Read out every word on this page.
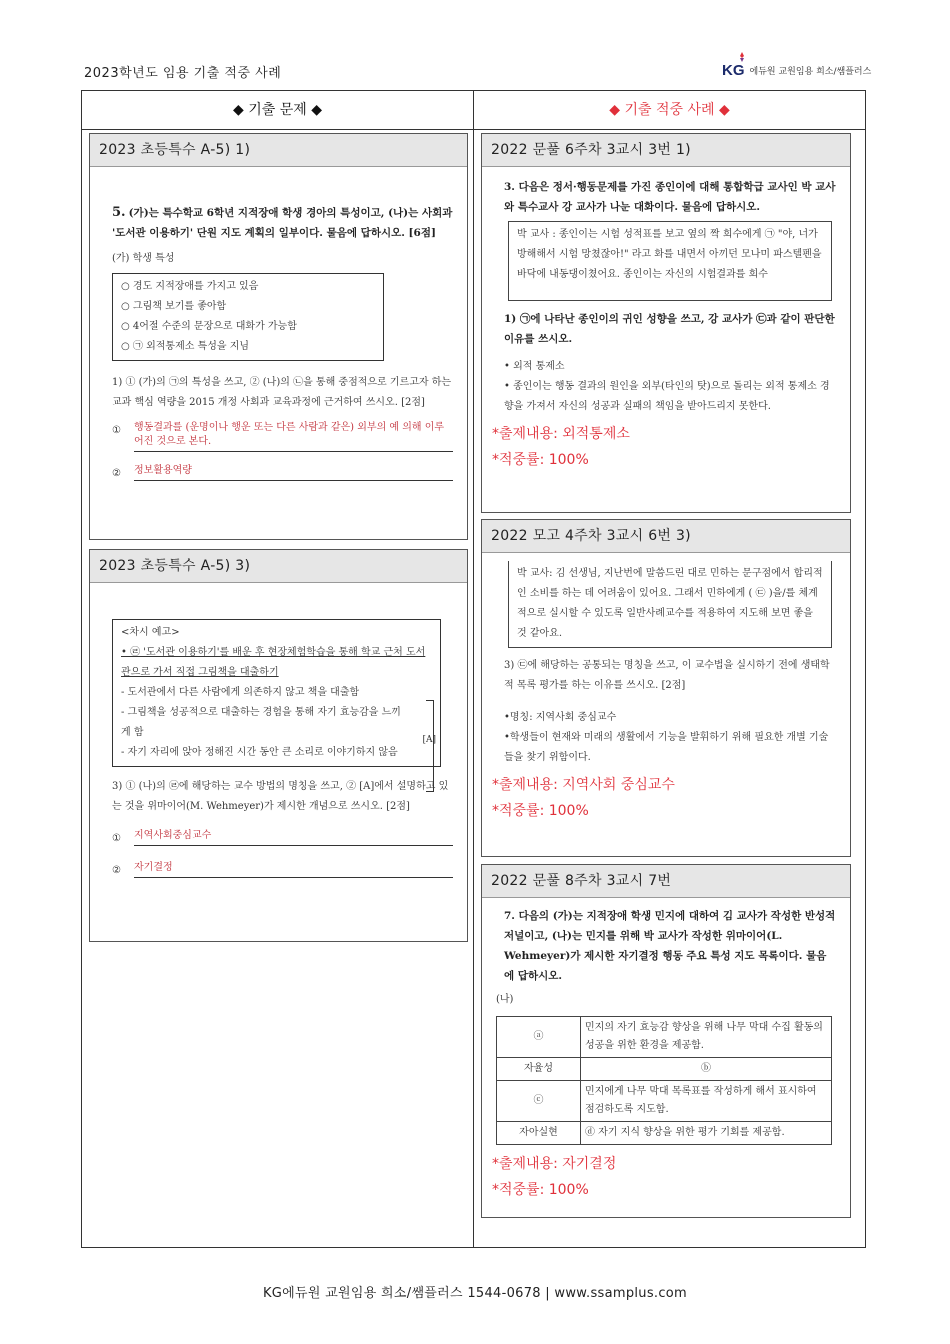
2023학년도 임용 기출 적중 사례	KG 에듀원 교원임용 희소/쌤플러스
◆ 기출 문제 ◆	◆ 기출 적중 사례 ◆
2023 초등특수 A-5) 1)
5. (가)는 특수학교 6학년 지적장애 학생 경아의 특성이고, (나)는 사회과 '도서관 이용하기' 단원 지도 계획의 일부이다. 물음에 답하시오. [6점]
(가) 학생 특성
○ 경도 지적장애를 가지고 있음
○ 그림책 보기를 좋아함
○ 4어절 수준의 문장으로 대화가 가능함
○ ㉠ 외적통제소 특성을 지님
1) ① (가)의 ㉠의 특성을 쓰고, ② (나)의 ㉡을 통해 중점적으로 기르고자 하는 교과 핵심 역량을 2015 개정 사회과 교육과정에 근거하여 쓰시오. [2점]
①	행동결과를 (운명이나 행운 또는 다른 사람과 같은) 외부의 예 의해 이루어진 것으로 본다.
②	정보활용역량
2023 초등특수 A-5) 3)
<차시 예고>
• ㉣ '도서관 이용하기'를 배운 후 현장체험학습을 통해 학교 근처 도서관으로 가서 직접 그림책을 대출하기
- 도서관에서 다른 사람에게 의존하지 않고 책을 대출함
- 그림책을 성공적으로 대출하는 경험을 통해 자기 효능감을 느끼게 함
- 자기 자리에 앉아 정해진 시간 동안 큰 소리로 이야기하지 않음
[A]
3) ① (나)의 ㉣에 해당하는 교수 방법의 명칭을 쓰고, ② [A]에서 설명하고 있는 것을 위마이어(M. Wehmeyer)가 제시한 개념으로 쓰시오. [2점]
①	지역사회중심교수
②	자기결정
2022 문풀 6주차 3교시 3번 1)
3. 다음은 정서·행동문제를 가진 종인이에 대해 통합학급 교사인 박 교사와 특수교사 강 교사가 나눈 대화이다. 물음에 답하시오.
박 교사 : 종인이는 시험 성적표를 보고 옆의 짝 희수에게 ㉠ "야, 너가 방해해서 시험 망쳤잖아!" 라고 화를 내면서 아끼던 모나미 파스텔펜을 바닥에 내동댕이쳤어요. 종인이는 자신의 시험결과를 희수
1) ㉠에 나타난 종인이의 귀인 성향을 쓰고, 강 교사가 ㉢과 같이 판단한 이유를 쓰시오.
• 외적 통제소
• 종인이는 행동 결과의 원인을 외부(타인의 탓)으로 돌리는 외적 통제소 경향을 가져서 자신의 성공과 실패의 책임을 받아드리지 못한다.
*출제내용: 외적통제소
*적중률: 100%
2022 모고 4주차 3교시 6번 3)
박 교사: 김 선생님, 지난번에 말씀드린 대로 민하는 문구점에서 합리적인 소비를 하는 데 어려움이 있어요. 그래서 민하에게 ( ㉢ )을/를 체계적으로 실시할 수 있도록 일반사례교수를 적용하여 지도해 보면 좋을 것 같아요.
3) ㉢에 해당하는 공통되는 명칭을 쓰고, 이 교수법을 실시하기 전에 생태학적 목록 평가를 하는 이유를 쓰시오. [2점]
•명칭: 지역사회 중심교수
•학생들이 현재와 미래의 생활에서 기능을 발휘하기 위해 필요한 개별 기술들을 찾기 위함이다.
*출제내용: 지역사회 중심교수
*적중률: 100%
2022 문풀 8주차 3교시 7번
7. 다음의 (가)는 지적장애 학생 민지에 대하여 김 교사가 작성한 반성적 저널이고, (나)는 민지를 위해 박 교사가 작성한 위마이어(L. Wehmeyer)가 제시한 자기결정 행동 주요 특성 지도 목록이다. 물음에 답하시오.
(나)
ⓐ	민지의 자기 효능감 향상을 위해 나무 막대 수집 활동의 성공을 위한 환경을 제공함.
자율성	ⓑ
ⓒ	민지에게 나무 막대 목록표를 작성하게 해서 표시하여 점검하도록 지도함.
자아실현	ⓓ 자기 지식 향상을 위한 평가 기회를 제공함.
*출제내용: 자기결정
*적중률: 100%
KG에듀원 교원임용 희소/쌤플러스 1544-0678 | www.ssamplus.com
